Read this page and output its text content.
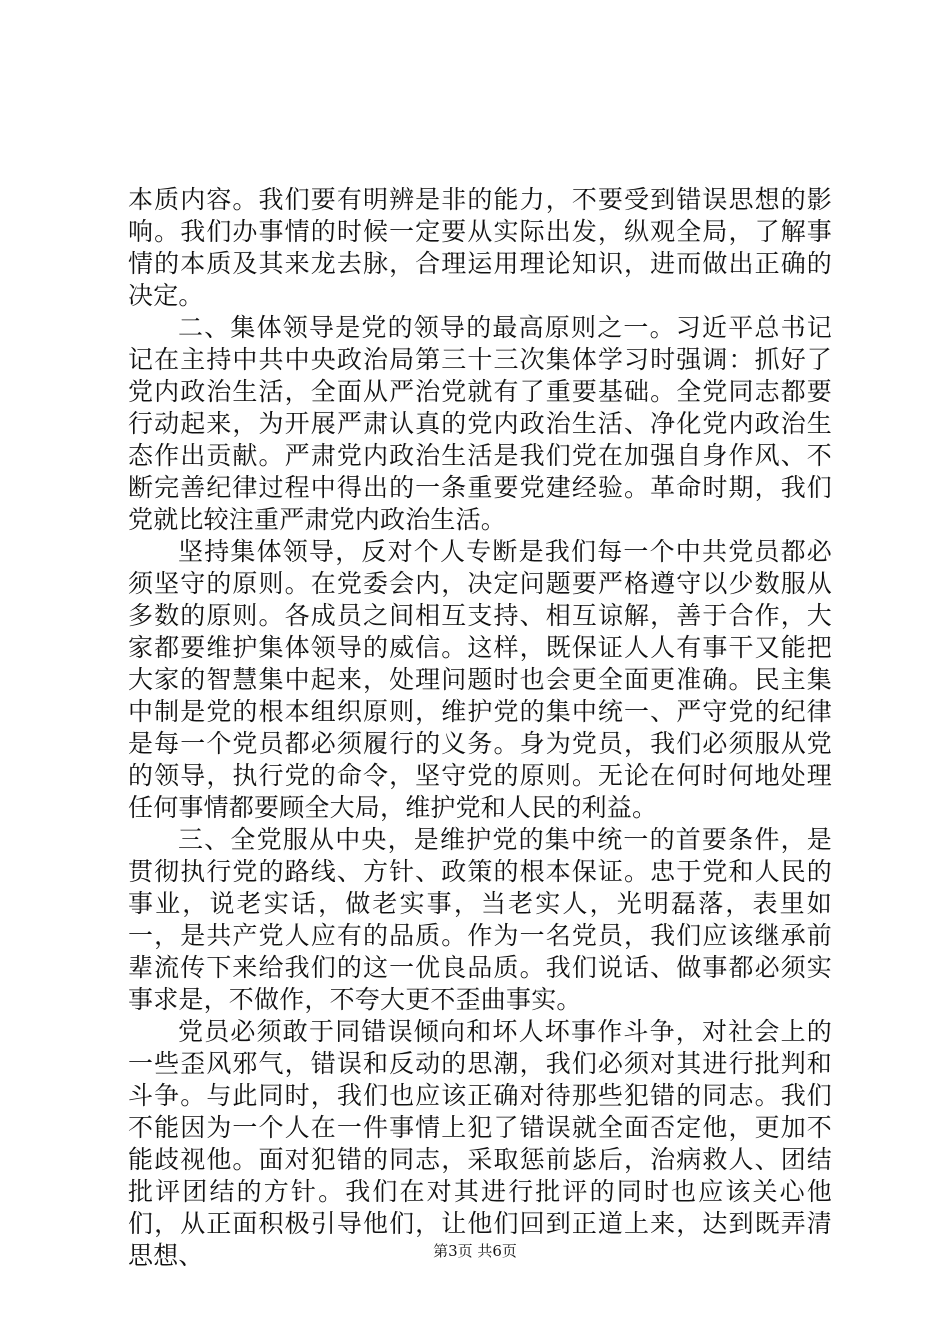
本质内容。我们要有明辨是非的能力，不要受到错误思想的影响。我们办事情的时候一定要从实际出发，纵观全局，了解事情的本质及其来龙去脉，合理运用理论知识，进而做出正确的决定。

二、集体领导是党的领导的最高原则之一。习近平总书记记在主持中共中央政治局第三十三次集体学习时强调：抓好了党内政治生活，全面从严治党就有了重要基础。全党同志都要行动起来，为开展严肃认真的党内政治生活、净化党内政治生态作出贡献。严肃党内政治生活是我们党在加强自身作风、不断完善纪律过程中得出的一条重要党建经验。革命时期，我们党就比较注重严肃党内政治生活。

坚持集体领导，反对个人专断是我们每一个中共党员都必须坚守的原则。在党委会内，决定问题要严格遵守以少数服从多数的原则。各成员之间相互支持、相互谅解，善于合作，大家都要维护集体领导的威信。这样，既保证人人有事干又能把大家的智慧集中起来，处理问题时也会更全面更准确。民主集中制是党的根本组织原则，维护党的集中统一、严守党的纪律是每一个党员都必须履行的义务。身为党员，我们必须服从党的领导，执行党的命令，坚守党的原则。无论在何时何地处理任何事情都要顾全大局，维护党和人民的利益。

三、全党服从中央，是维护党的集中统一的首要条件，是贯彻执行党的路线、方针、政策的根本保证。忠于党和人民的事业，说老实话，做老实事，当老实人，光明磊落，表里如一，是共产党人应有的品质。作为一名党员，我们应该继承前辈流传下来给我们的这一优良品质。我们说话、做事都必须实事求是，不做作，不夸大更不歪曲事实。

党员必须敢于同错误倾向和坏人坏事作斗争，对社会上的一些歪风邪气，错误和反动的思潮，我们必须对其进行批判和斗争。与此同时，我们也应该正确对待那些犯错的同志。我们不能因为一个人在一件事情上犯了错误就全面否定他，更加不能歧视他。面对犯错的同志，采取惩前毖后，治病救人、团结批评团结的方针。我们在对其进行批评的同时也应该关心他们，从正面积极引导他们，让他们回到正道上来，达到既弄清思想、	第3页 共6页
